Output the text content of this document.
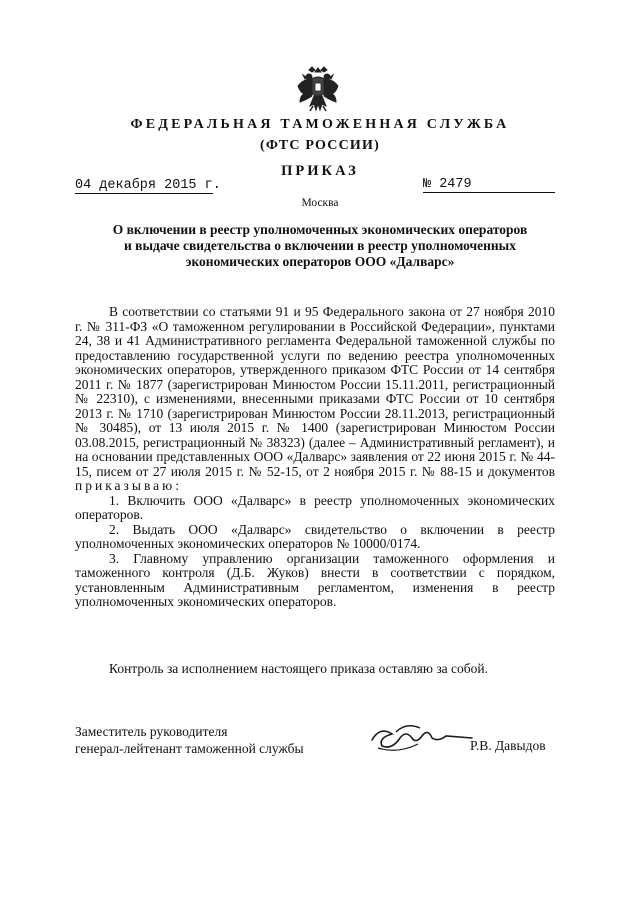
ФЕДЕРАЛЬНАЯ ТАМОЖЕННАЯ СЛУЖБА
(ФТС РОССИИ)
ПРИКАЗ
04 декабря 2015 г.	№ 2479
Москва
О включении в реестр уполномоченных экономических операторов
и выдаче свидетельства о включении в реестр уполномоченных
экономических операторов ООО «Далварс»

В соответствии со статьями 91 и 95 Федерального закона от 27 ноября 2010 г. № 311-ФЗ «О таможенном регулировании в Российской Федерации», пунктами 24, 38 и 41 Административного регламента Федеральной таможенной службы по предоставлению государственной услуги по ведению реестра уполномоченных экономических операторов, утвержденного приказом ФТС России от 14 сентября 2011 г. № 1877 (зарегистрирован Минюстом России 15.11.2011, регистрационный № 22310), с изменениями, внесенными приказами ФТС России от 10 сентября 2013 г. № 1710 (зарегистрирован Минюстом России 28.11.2013, регистрационный № 30485), от 13 июля 2015 г. № 1400 (зарегистрирован Минюстом России 03.08.2015, регистрационный № 38323) (далее – Административный регламент), и на основании представленных ООО «Далварс» заявления от 22 июня 2015 г. № 44-15, писем от 27 июля 2015 г. № 52-15, от 2 ноября 2015 г. № 88-15 и документов приказываю:

1. Включить ООО «Далварс» в реестр уполномоченных экономических операторов.

2. Выдать ООО «Далварс» свидетельство о включении в реестр уполномоченных экономических операторов № 10000/0174.

3. Главному управлению организации таможенного оформления и таможенного контроля (Д.Б. Жуков) внести в соответствии с порядком, установленным Административным регламентом, изменения в реестр уполномоченных экономических операторов.

Контроль за исполнением настоящего приказа оставляю за собой.
Заместитель руководителя
генерал-лейтенант таможенной службы	Р.В. Давыдов
